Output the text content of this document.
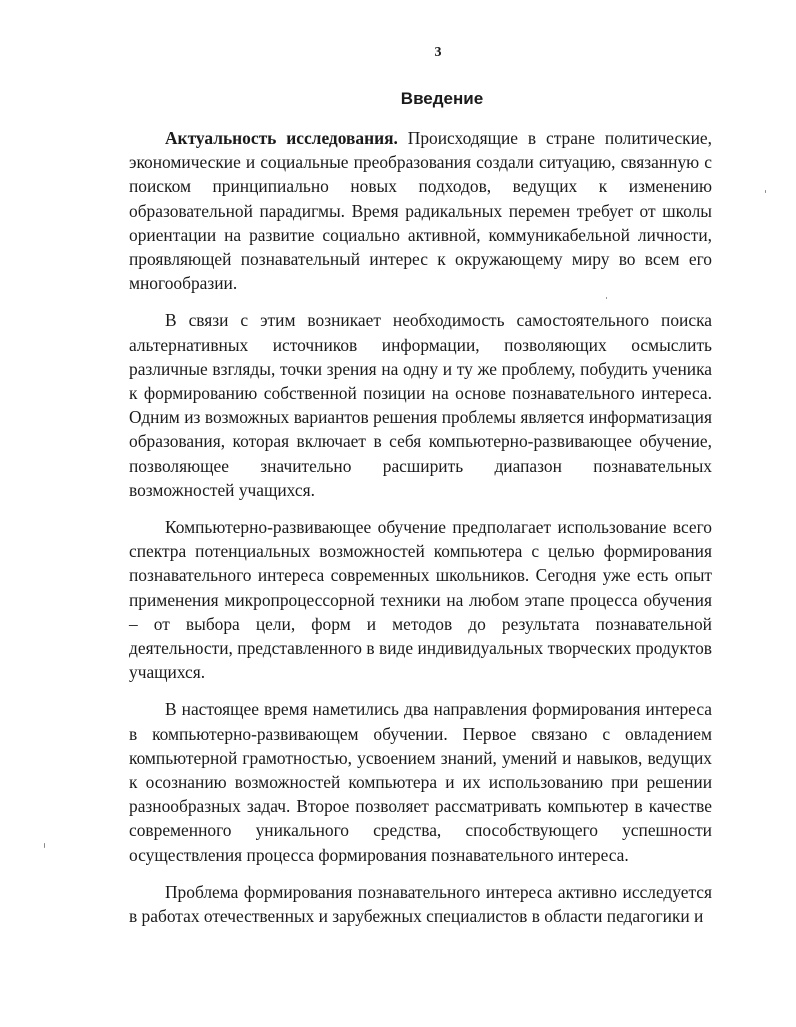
3
Введение

Актуальность исследования. Происходящие в стране политические, экономические и социальные преобразования создали ситуацию, связанную с поиском принципиально новых подходов, ведущих к изменению образовательной парадигмы. Время радикальных перемен требует от школы ориентации на развитие социально активной, коммуникабельной личности, проявляющей познавательный интерес к окружающему миру во всем его многообразии.

В связи с этим возникает необходимость самостоятельного поиска альтернативных источников информации, позволяющих осмыслить различные взгляды, точки зрения на одну и ту же проблему, побудить ученика к формированию собственной позиции на основе познавательного интереса. Одним из возможных вариантов решения проблемы является информатизация образования, которая включает в себя компьютерно-развивающее обучение, позволяющее значительно расширить диапазон познавательных возможностей учащихся.

Компьютерно-развивающее обучение предполагает использование всего спектра потенциальных возможностей компьютера с целью формирования познавательного интереса современных школьников. Сегодня уже есть опыт применения микропроцессорной техники на любом этапе процесса обучения – от выбора цели, форм и методов до результата познавательной деятельности, представленного в виде индивидуальных творческих продуктов учащихся.

В настоящее время наметились два направления формирования интереса в компьютерно-развивающем обучении. Первое связано с овладением компьютерной грамотностью, усвоением знаний, умений и навыков, ведущих к осознанию возможностей компьютера и их использованию при решении разнообразных задач. Второе позволяет рассматривать компьютер в качестве современного уникального средства, способствующего успешности осуществления процесса формирования познавательного интереса.

Проблема формирования познавательного интереса активно исследуется в работах отечественных и зарубежных специалистов в области педагогики и
